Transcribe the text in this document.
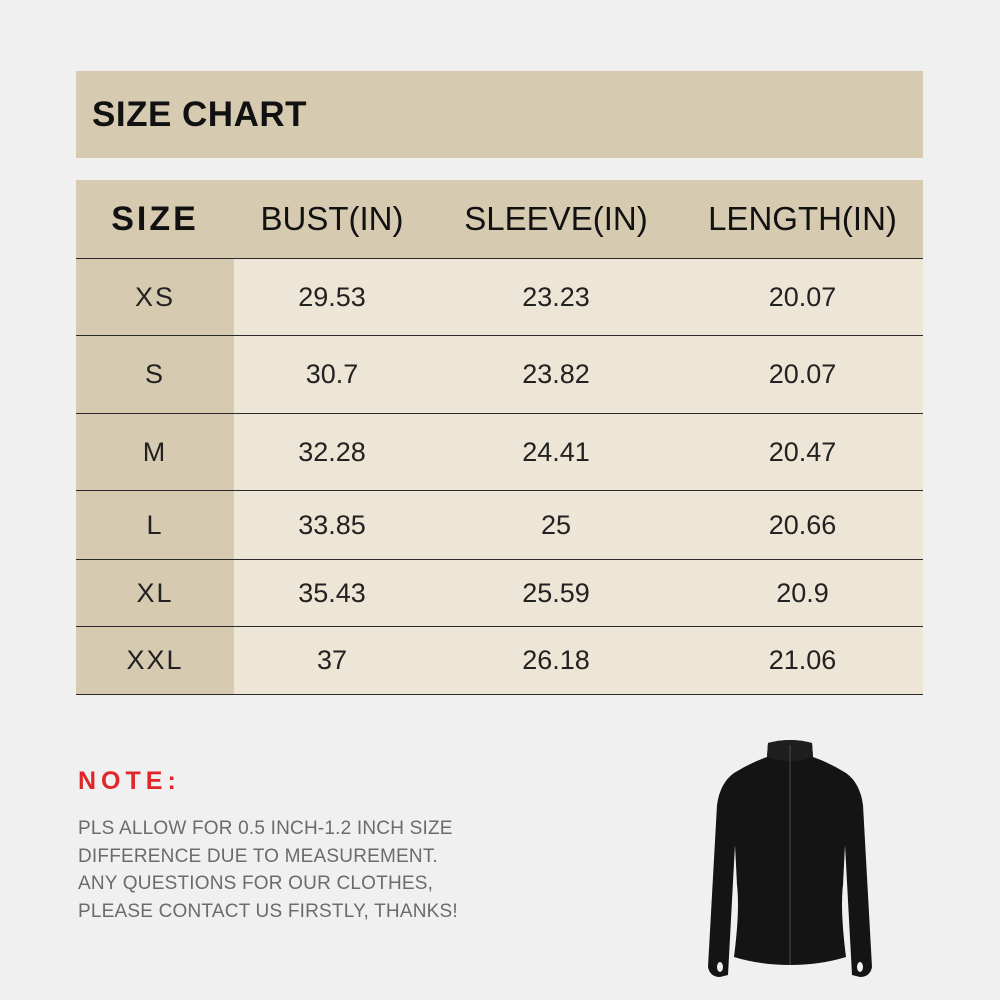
SIZE CHART
SIZE	BUST(IN)	SLEEVE(IN)	LENGTH(IN)
XS	29.53	23.23	20.07
S	30.7	23.82	20.07
M	32.28	24.41	20.47
L	33.85	25	20.66
XL	35.43	25.59	20.9
XXL	37	26.18	21.06
NOTE:
PLS ALLOW FOR 0.5 INCH-1.2 INCH SIZE
DIFFERENCE DUE TO MEASUREMENT.
ANY QUESTIONS FOR OUR CLOTHES,
PLEASE CONTACT US FIRSTLY, THANKS!
